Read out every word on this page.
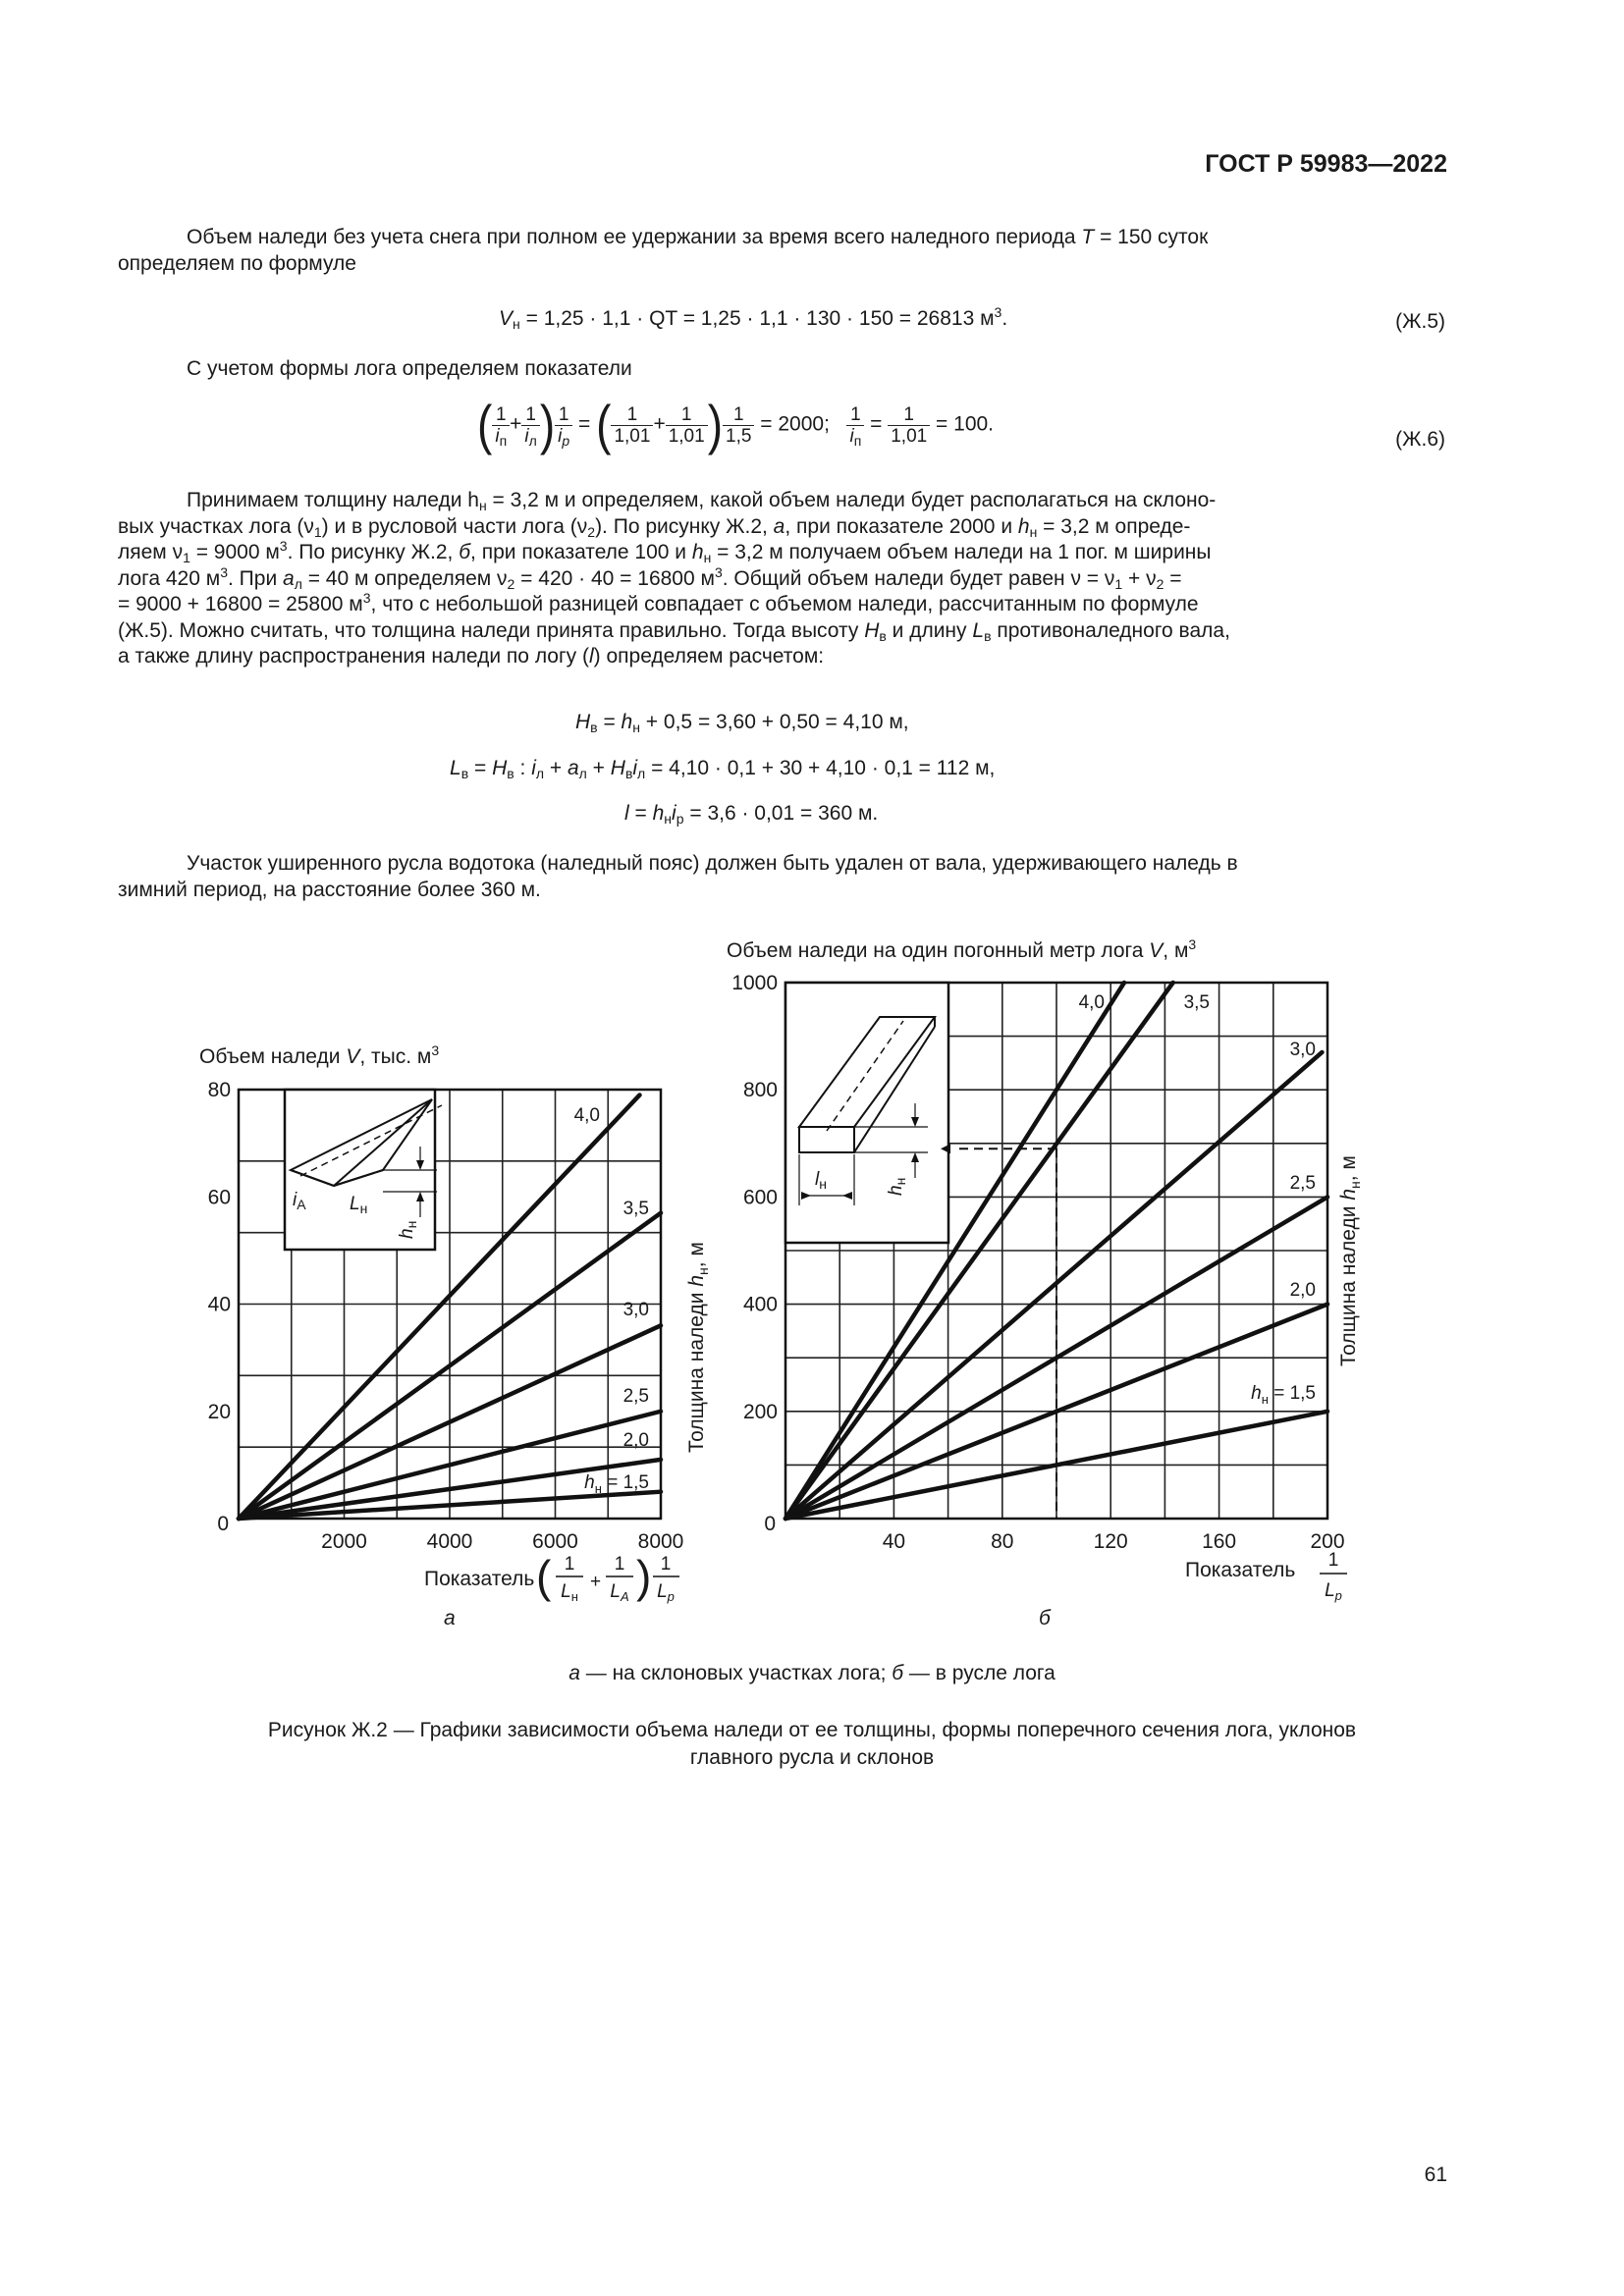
ГОСТ Р 59983—2022
Объем наледи без учета снега при полном ее удержании за время всего наледного периода T = 150 суток
определяем по формуле
$V_н = 1,25 \cdot 1,1$ · QT = 1,25 · 1,1 · 130 · 150 = 26813 $м^3$.	(Ж.5)
С учетом формы лога определяем показатели
( $\frac{1}{i_п} + \frac{1}{i_л}$ ) $\frac{1}{i_p}$ = ( $\frac{1}{1,01} + \frac{1}{1,01}$ ) $\frac{1}{1,5} = 2000$; $\frac{1}{i_п} = \frac{1}{1,01} = 100$.
(Ж.6)
Принимаем толщину наледи $h_н = 3,2$ м и определяем, какой объем наледи будет располагаться на склоно-
вых участках лога $(\nu_1)$ и в русловой части лога $(\nu_2)$. По рисунку Ж.2, а, при показателе 2000 и $h_н = 3,2$ м опреде-
ляем $\nu_1 = 9000$ $м^3$. По рисунку Ж.2, б, при показателе 100 и $h_н = 3,2$ м получаем объем наледи на 1 пог. м ширины
лога 420 $м^3$. При $a_л = 40$ м определяем $\nu_2 = 420 \cdot 40 = 16800$ $м^3$. Общий объем наледи будет равен $\nu = \nu_1 + \nu_2$ =
= 9000 + 16800 = 25800 $м^3$, что с небольшой разницей совпадает с объемом наледи, рассчитанным по формуле
(Ж.5). Можно считать, что толщина наледи принята правильно. Тогда высоту $H_в$ и длину $L_в$ противоналедного вала,
а также длину распространения наледи по логу (l) определяем расчетом:
$H_в = h_н + 0,5 = 3,60 + 0,50 = 4,10$ м,
$L_в = H_в$ : $i_л + a_л + H_вi_л = 4,10 \cdot 0,1 + 30 + 4,10 \cdot 0,1 = 112$ м,
$l = h_нi_р = 3,6 \cdot 0,01 = 360$ м.
Участок уширенного русла водотока (наледный пояс) должен быть удален от вала, удерживающего наледь в
зимний период, на расстояние более 360 м.
$i_A$ $L_н$
$h_н$
4,0
3,5
3,0
2,5
2,0
$h_н = 1,5$
2000	4000	6000	8000
0
20
40
60
80
Объем наледи V, тыс. $м^3$
Толщина наледи $h_н$, м
Показатель ( 1
$L_н$
+
1
$L_A$ ) 1
$L_p$
а
$l_н$	$h_н$
4,0	3,5
3,0
2,5
2,0
$h_н = 1,5$
40	80	120	160	200
0
200
400
600
800
1000
Объем наледи на один погонный метр лога V, $м^3$
Толщина наледи $h_н$, м
Показатель 1
$L_p$
б
а — на склоновых участках лога; б — в русле лога
Рисунок Ж.2 — Графики зависимости объема наледи от ее толщины, формы поперечного сечения лога, уклонов
главного русла и склонов
61
